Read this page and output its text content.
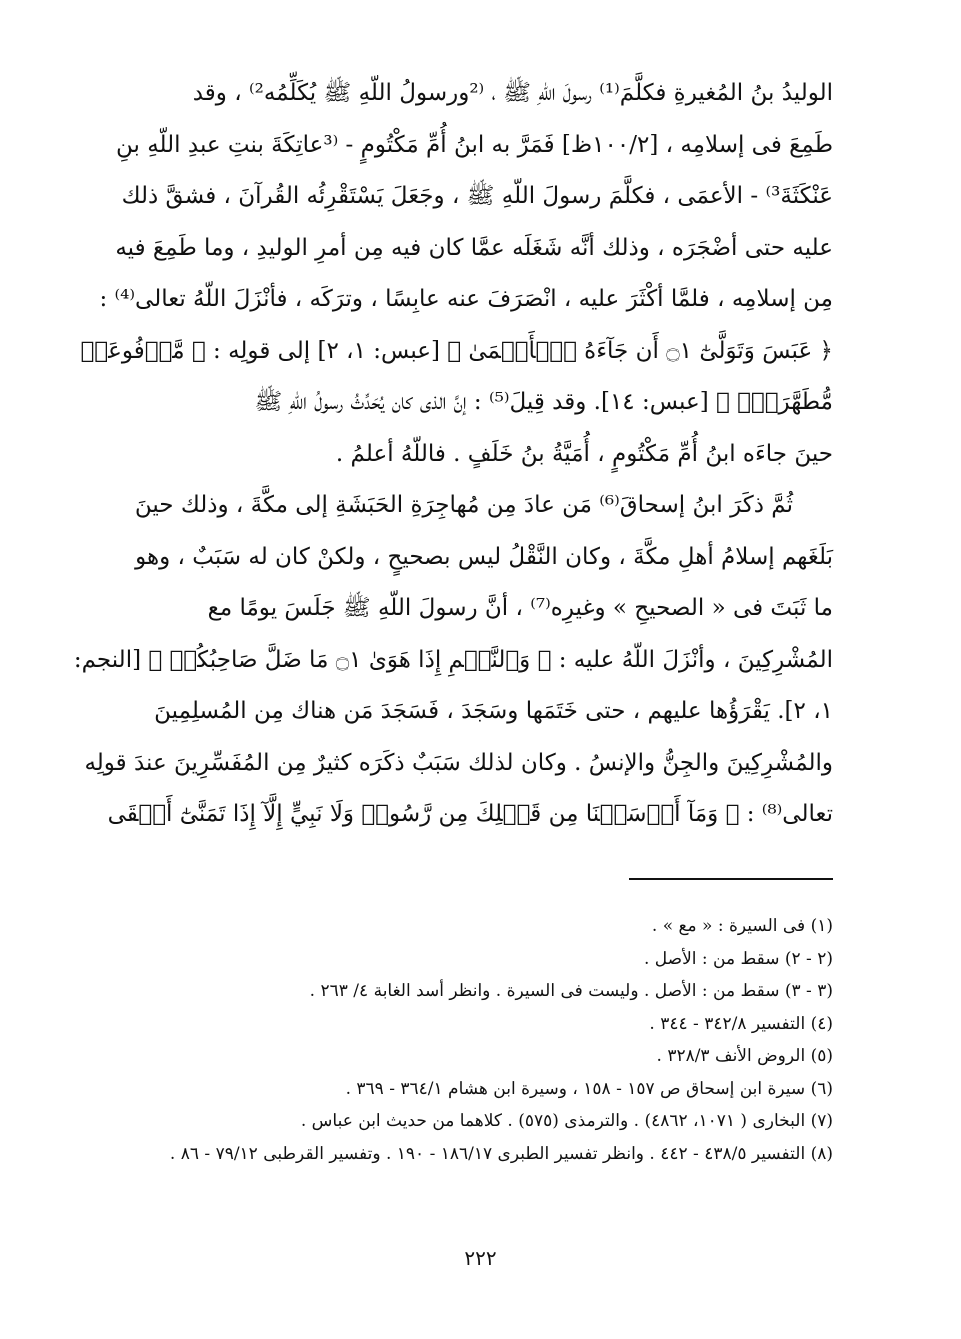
الوليدُ بنُ المُغيرةِ فكلَّمَ⁽¹⁾ رسولَ اللّهِ ﷺ ، ⁽²ورسولُ اللّهِ ﷺ يُكَلِّمُه²⁾ ، وقد
طَمِعَ فى إسلامِه ، [١٠٠/٢ظ] فَمَرَّ به ابنُ أُمِّ مَكْتُومٍ - ⁽³عاتِكَةَ بنتِ عبدِ اللّهِ بنِ
عَنْكَثَةَ³⁾ - الأعمَى ، فكلَّمَ رسولَ اللّهِ ﷺ ، وجَعَلَ يَسْتَقْرِئُه القُرآنَ ، فشقَّ ذلك
عليه حتى أضْجَرَه ، وذلك أنَّه شَغَلَه عمَّا كان فيه مِن أمرِ الوليدِ ، وما طَمِعَ فيه
مِن إسلامِه ، فلمَّا أكْثَرَ عليه ، انْصَرَفَ عنه عابِسًا ، وترَكَه ، فأنْزَلَ اللّهُ تعالى⁽⁴⁾ :
﴿ عَبَسَ وَتَوَلَّىٰٓ ۝١ أَن جَآءَهُ ٱلۡأَعۡمَىٰ ﴾ [عبس: ١، ٢] إلى قولِه : ﴿ مَّرۡفُوعَةٖ
مُّطَهَّرَةِۭ ﴾ [عبس: ١٤]. وقد قِيلَ⁽⁵⁾ : إنَّ الذى كان يُحَدِّثُ رسولُ اللّهِ ﷺ
حينَ جاءَه ابنُ أُمِّ مَكْتُومٍ ، أُمَيَّةُ بنُ خَلَفٍ . فاللّهُ أعلمُ .
ثُمَّ ذكَرَ ابنُ إسحاقَ⁽⁶⁾ مَن عادَ مِن مُهاجِرَةِ الحَبَشَةِ إلى مكَّةَ ، وذلك حينَ
بَلَغَهم إسلامُ أهلِ مكَّةَ ، وكان النَّقْلُ ليس بصحيحٍ ، ولكنْ كان له سَبَبٌ ، وهو
ما ثَبَتَ فى « الصحيحِ » وغيرِه⁽⁷⁾ ، أنَّ رسولَ اللّهِ ﷺ جَلَسَ يومًا مع
المُشْرِكِينَ ، وأنْزَلَ اللّهُ عليه : ﴿ وَٱلنَّجۡمِ إِذَا هَوَىٰ ۝١ مَا ضَلَّ صَاحِبُكُمۡ ﴾ [النجم:
١، ٢]. يَقْرَؤُها عليهم ، حتى خَتَمَها وسَجَدَ ، فَسَجَدَ مَن هناك مِن المُسلِمِينَ
والمُشْرِكِينَ والجِنُّ والإنسُ . وكان لذلك سَبَبٌ ذكَرَه كثيرٌ مِن المُفَسِّرِينَ عندَ قولِه
تعالى⁽⁸⁾ : ﴿ وَمَآ أَرۡسَلۡنَا مِن قَبۡلِكَ مِن رَّسُولٖ وَلَا نَبِيٍّ إِلَّآ إِذَا تَمَنَّىٰٓ أَلۡقَى
(١) فى السيرة : « مع » .
(٢ - ٢) سقط من : الأصل .
(٣ - ٣) سقط من : الأصل . وليست فى السيرة . وانظر أسد الغابة ٤/ ٢٦٣ .
(٤) التفسير ٣٤٢/٨ - ٣٤٤ .
(٥) الروض الأنف ٣٢٨/٣ .
(٦) سيرة ابن إسحاق ص ١٥٧ - ١٥٨ ، وسيرة ابن هشام ٣٦٤/١ - ٣٦٩ .
(٧) البخارى ( ١٠٧١، ٤٨٦٢) . والترمذى (٥٧٥) . كلاهما من حديث ابن عباس .
(٨) التفسير ٤٣٨/٥ - ٤٤٢ . وانظر تفسير الطبرى ١٨٦/١٧ - ١٩٠ . وتفسير القرطبى ٧٩/١٢ - ٨٦ .
٢٢٢
